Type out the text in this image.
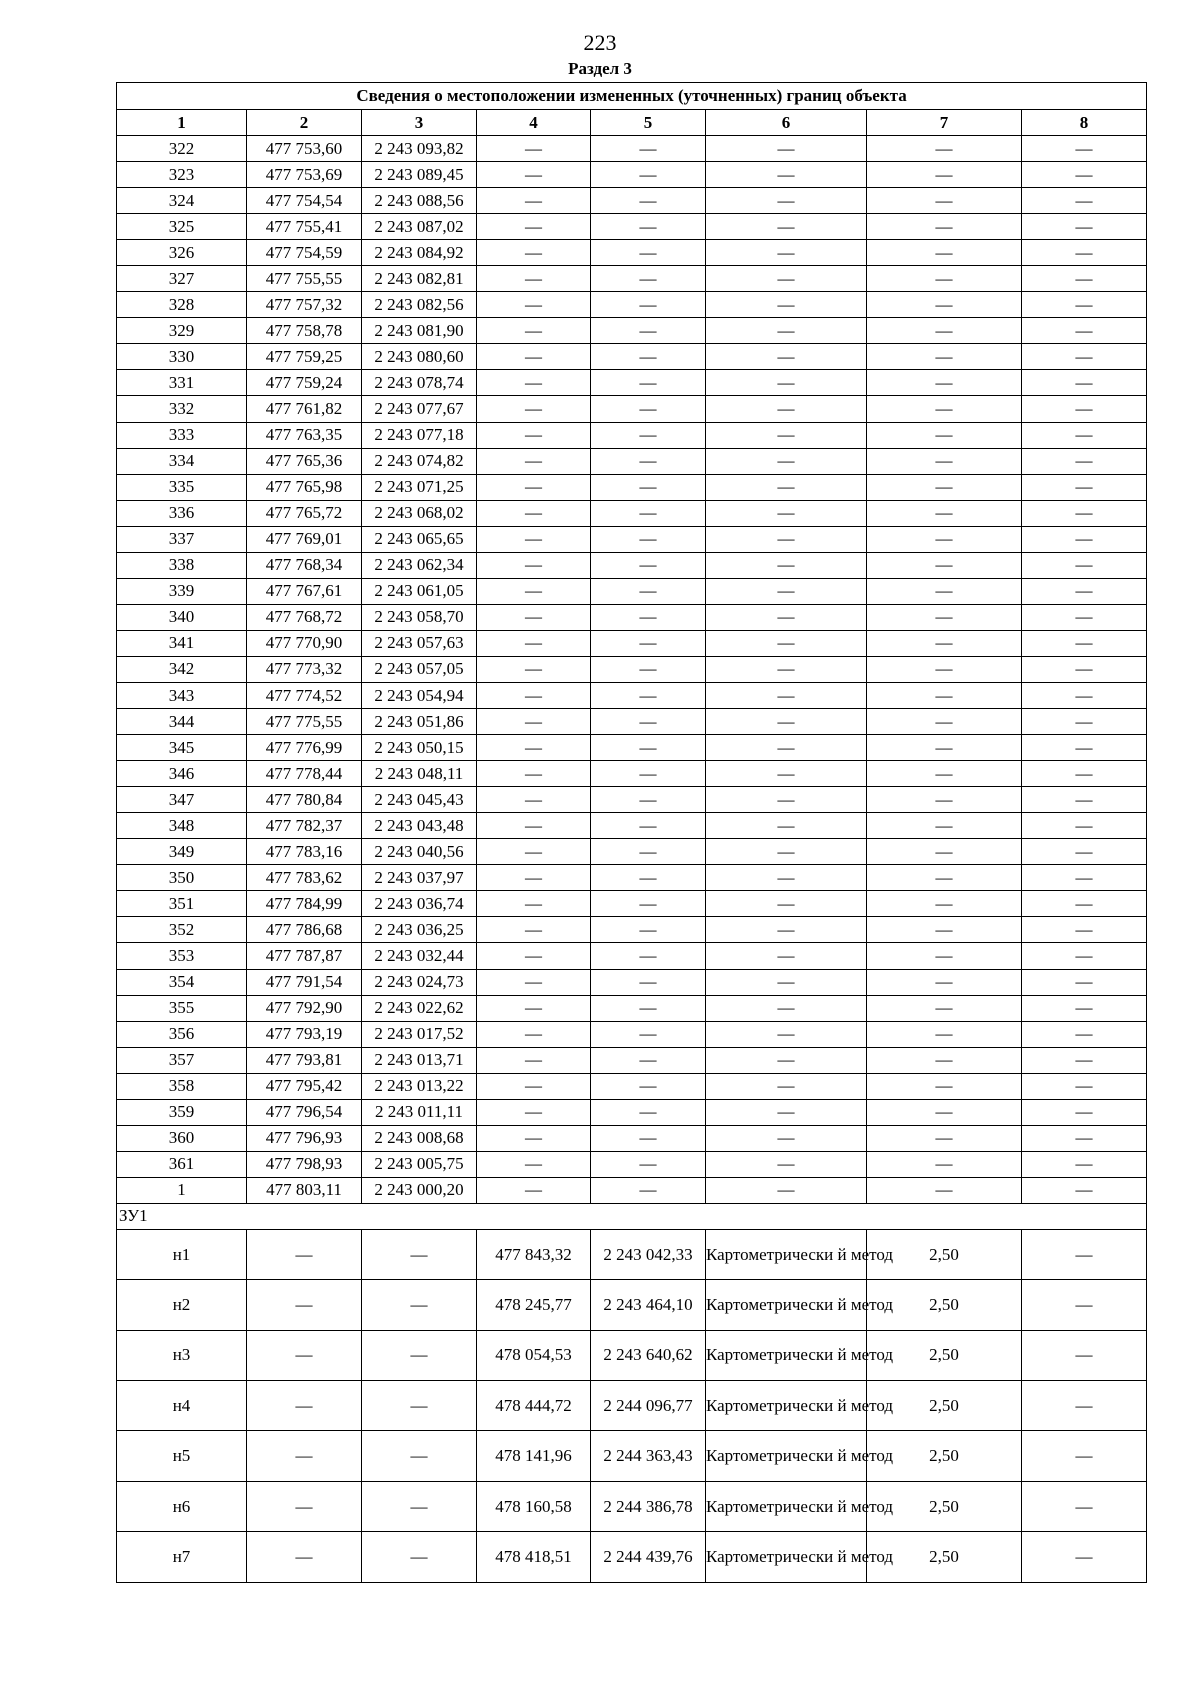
223
Раздел 3
Сведения о местоположении измененных (уточненных) границ объекта							
1	2	3	4	5	6	7	8
322	477 753,60	2 243 093,82	—	—	—	—	—
323	477 753,69	2 243 089,45	—	—	—	—	—
324	477 754,54	2 243 088,56	—	—	—	—	—
325	477 755,41	2 243 087,02	—	—	—	—	—
326	477 754,59	2 243 084,92	—	—	—	—	—
327	477 755,55	2 243 082,81	—	—	—	—	—
328	477 757,32	2 243 082,56	—	—	—	—	—
329	477 758,78	2 243 081,90	—	—	—	—	—
330	477 759,25	2 243 080,60	—	—	—	—	—
331	477 759,24	2 243 078,74	—	—	—	—	—
332	477 761,82	2 243 077,67	—	—	—	—	—
333	477 763,35	2 243 077,18	—	—	—	—	—
334	477 765,36	2 243 074,82	—	—	—	—	—
335	477 765,98	2 243 071,25	—	—	—	—	—
336	477 765,72	2 243 068,02	—	—	—	—	—
337	477 769,01	2 243 065,65	—	—	—	—	—
338	477 768,34	2 243 062,34	—	—	—	—	—
339	477 767,61	2 243 061,05	—	—	—	—	—
340	477 768,72	2 243 058,70	—	—	—	—	—
341	477 770,90	2 243 057,63	—	—	—	—	—
342	477 773,32	2 243 057,05	—	—	—	—	—
343	477 774,52	2 243 054,94	—	—	—	—	—
344	477 775,55	2 243 051,86	—	—	—	—	—
345	477 776,99	2 243 050,15	—	—	—	—	—
346	477 778,44	2 243 048,11	—	—	—	—	—
347	477 780,84	2 243 045,43	—	—	—	—	—
348	477 782,37	2 243 043,48	—	—	—	—	—
349	477 783,16	2 243 040,56	—	—	—	—	—
350	477 783,62	2 243 037,97	—	—	—	—	—
351	477 784,99	2 243 036,74	—	—	—	—	—
352	477 786,68	2 243 036,25	—	—	—	—	—
353	477 787,87	2 243 032,44	—	—	—	—	—
354	477 791,54	2 243 024,73	—	—	—	—	—
355	477 792,90	2 243 022,62	—	—	—	—	—
356	477 793,19	2 243 017,52	—	—	—	—	—
357	477 793,81	2 243 013,71	—	—	—	—	—
358	477 795,42	2 243 013,22	—	—	—	—	—
359	477 796,54	2 243 011,11	—	—	—	—	—
360	477 796,93	2 243 008,68	—	—	—	—	—
361	477 798,93	2 243 005,75	—	—	—	—	—
1	477 803,11	2 243 000,20	—	—	—	—	—
ЗУ1							
н1	—	—	477 843,32	2 243 042,33	Картометрически й метод	2,50	—
н2	—	—	478 245,77	2 243 464,10	Картометрически й метод	2,50	—
н3	—	—	478 054,53	2 243 640,62	Картометрически й метод	2,50	—
н4	—	—	478 444,72	2 244 096,77	Картометрически й метод	2,50	—
н5	—	—	478 141,96	2 244 363,43	Картометрически й метод	2,50	—
н6	—	—	478 160,58	2 244 386,78	Картометрически й метод	2,50	—
н7	—	—	478 418,51	2 244 439,76	Картометрически й метод	2,50	—
